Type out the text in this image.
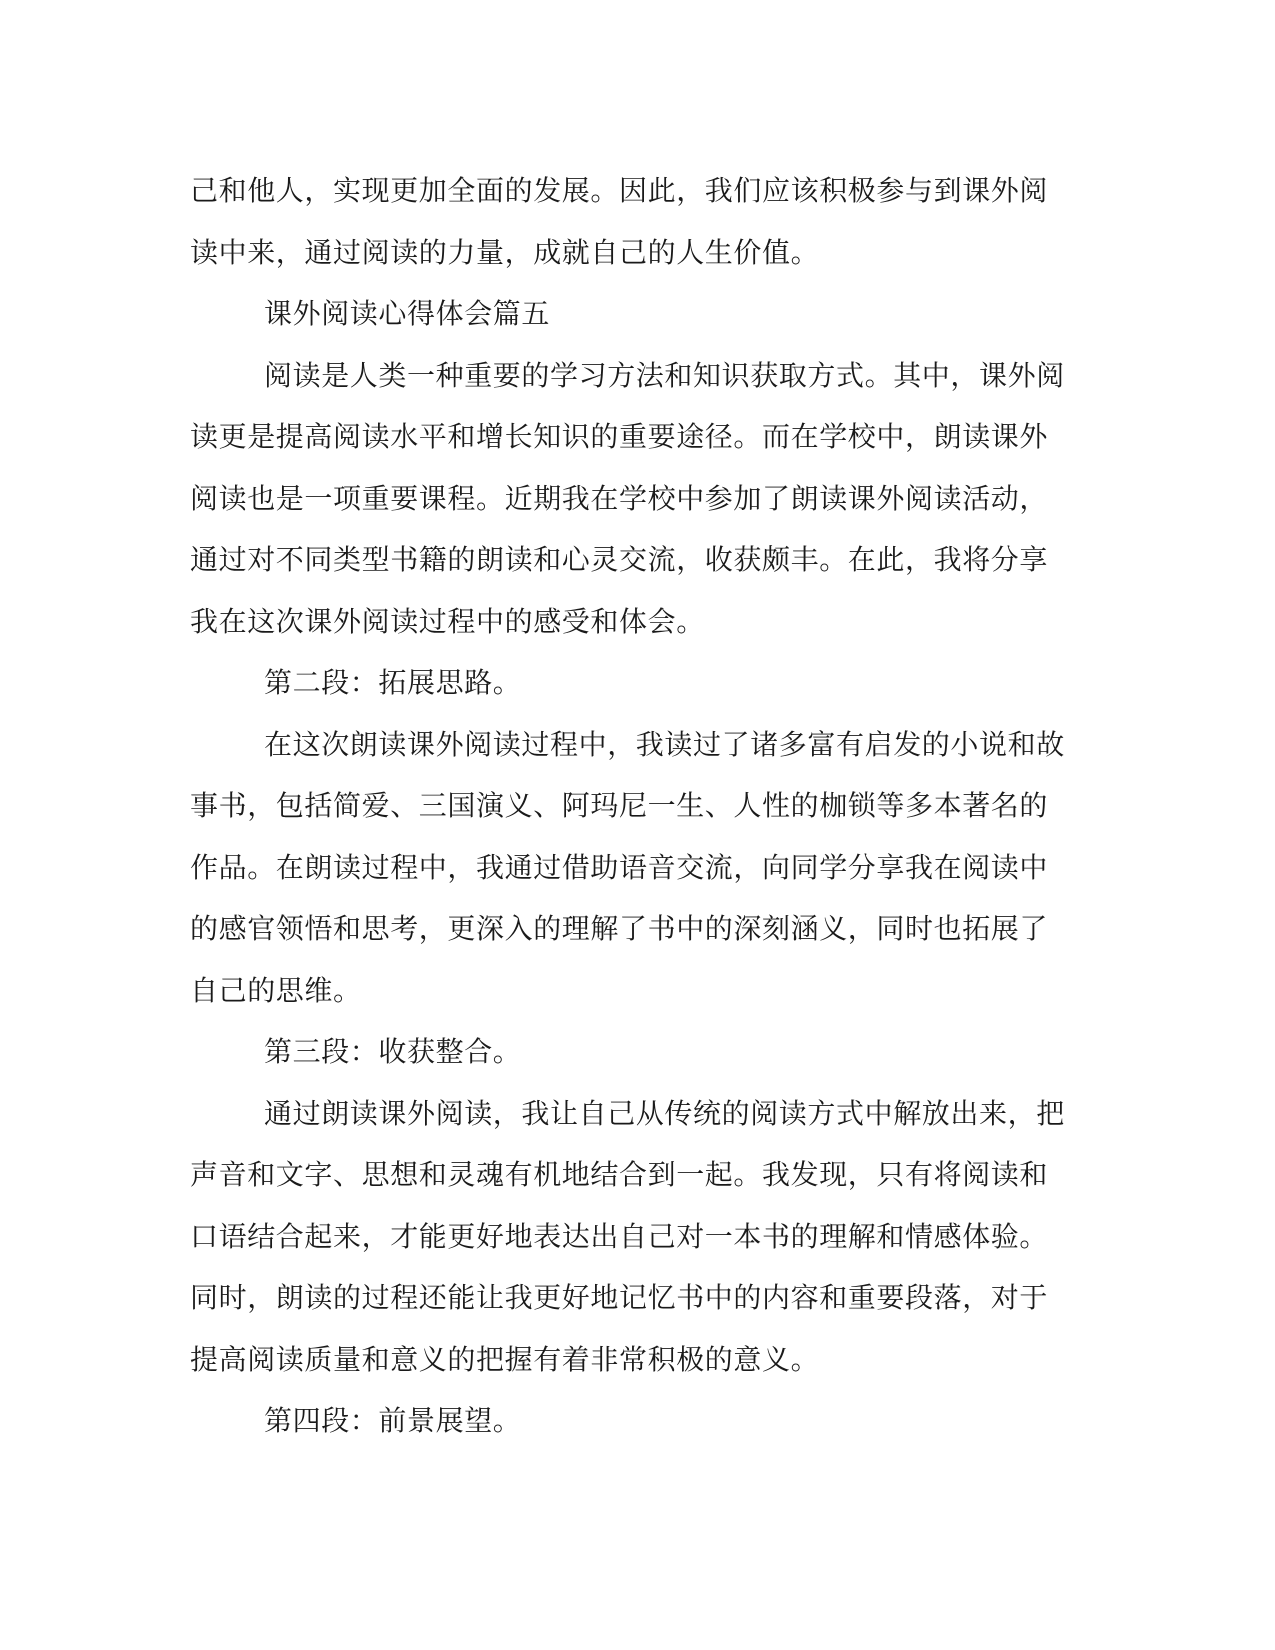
己和他人，实现更加全面的发展。因此，我们应该积极参与到课外阅
读中来，通过阅读的力量，成就自己的人生价值。
课外阅读心得体会篇五
阅读是人类一种重要的学习方法和知识获取方式。其中，课外阅
读更是提高阅读水平和增长知识的重要途径。而在学校中，朗读课外
阅读也是一项重要课程。近期我在学校中参加了朗读课外阅读活动，
通过对不同类型书籍的朗读和心灵交流，收获颇丰。在此，我将分享
我在这次课外阅读过程中的感受和体会。
第二段：拓展思路。
在这次朗读课外阅读过程中，我读过了诸多富有启发的小说和故
事书，包括简爱、三国演义、阿玛尼一生、人性的枷锁等多本著名的
作品。在朗读过程中，我通过借助语音交流，向同学分享我在阅读中
的感官领悟和思考，更深入的理解了书中的深刻涵义，同时也拓展了
自己的思维。
第三段：收获整合。
通过朗读课外阅读，我让自己从传统的阅读方式中解放出来，把
声音和文字、思想和灵魂有机地结合到一起。我发现，只有将阅读和
口语结合起来，才能更好地表达出自己对一本书的理解和情感体验。
同时，朗读的过程还能让我更好地记忆书中的内容和重要段落，对于
提高阅读质量和意义的把握有着非常积极的意义。
第四段：前景展望。
